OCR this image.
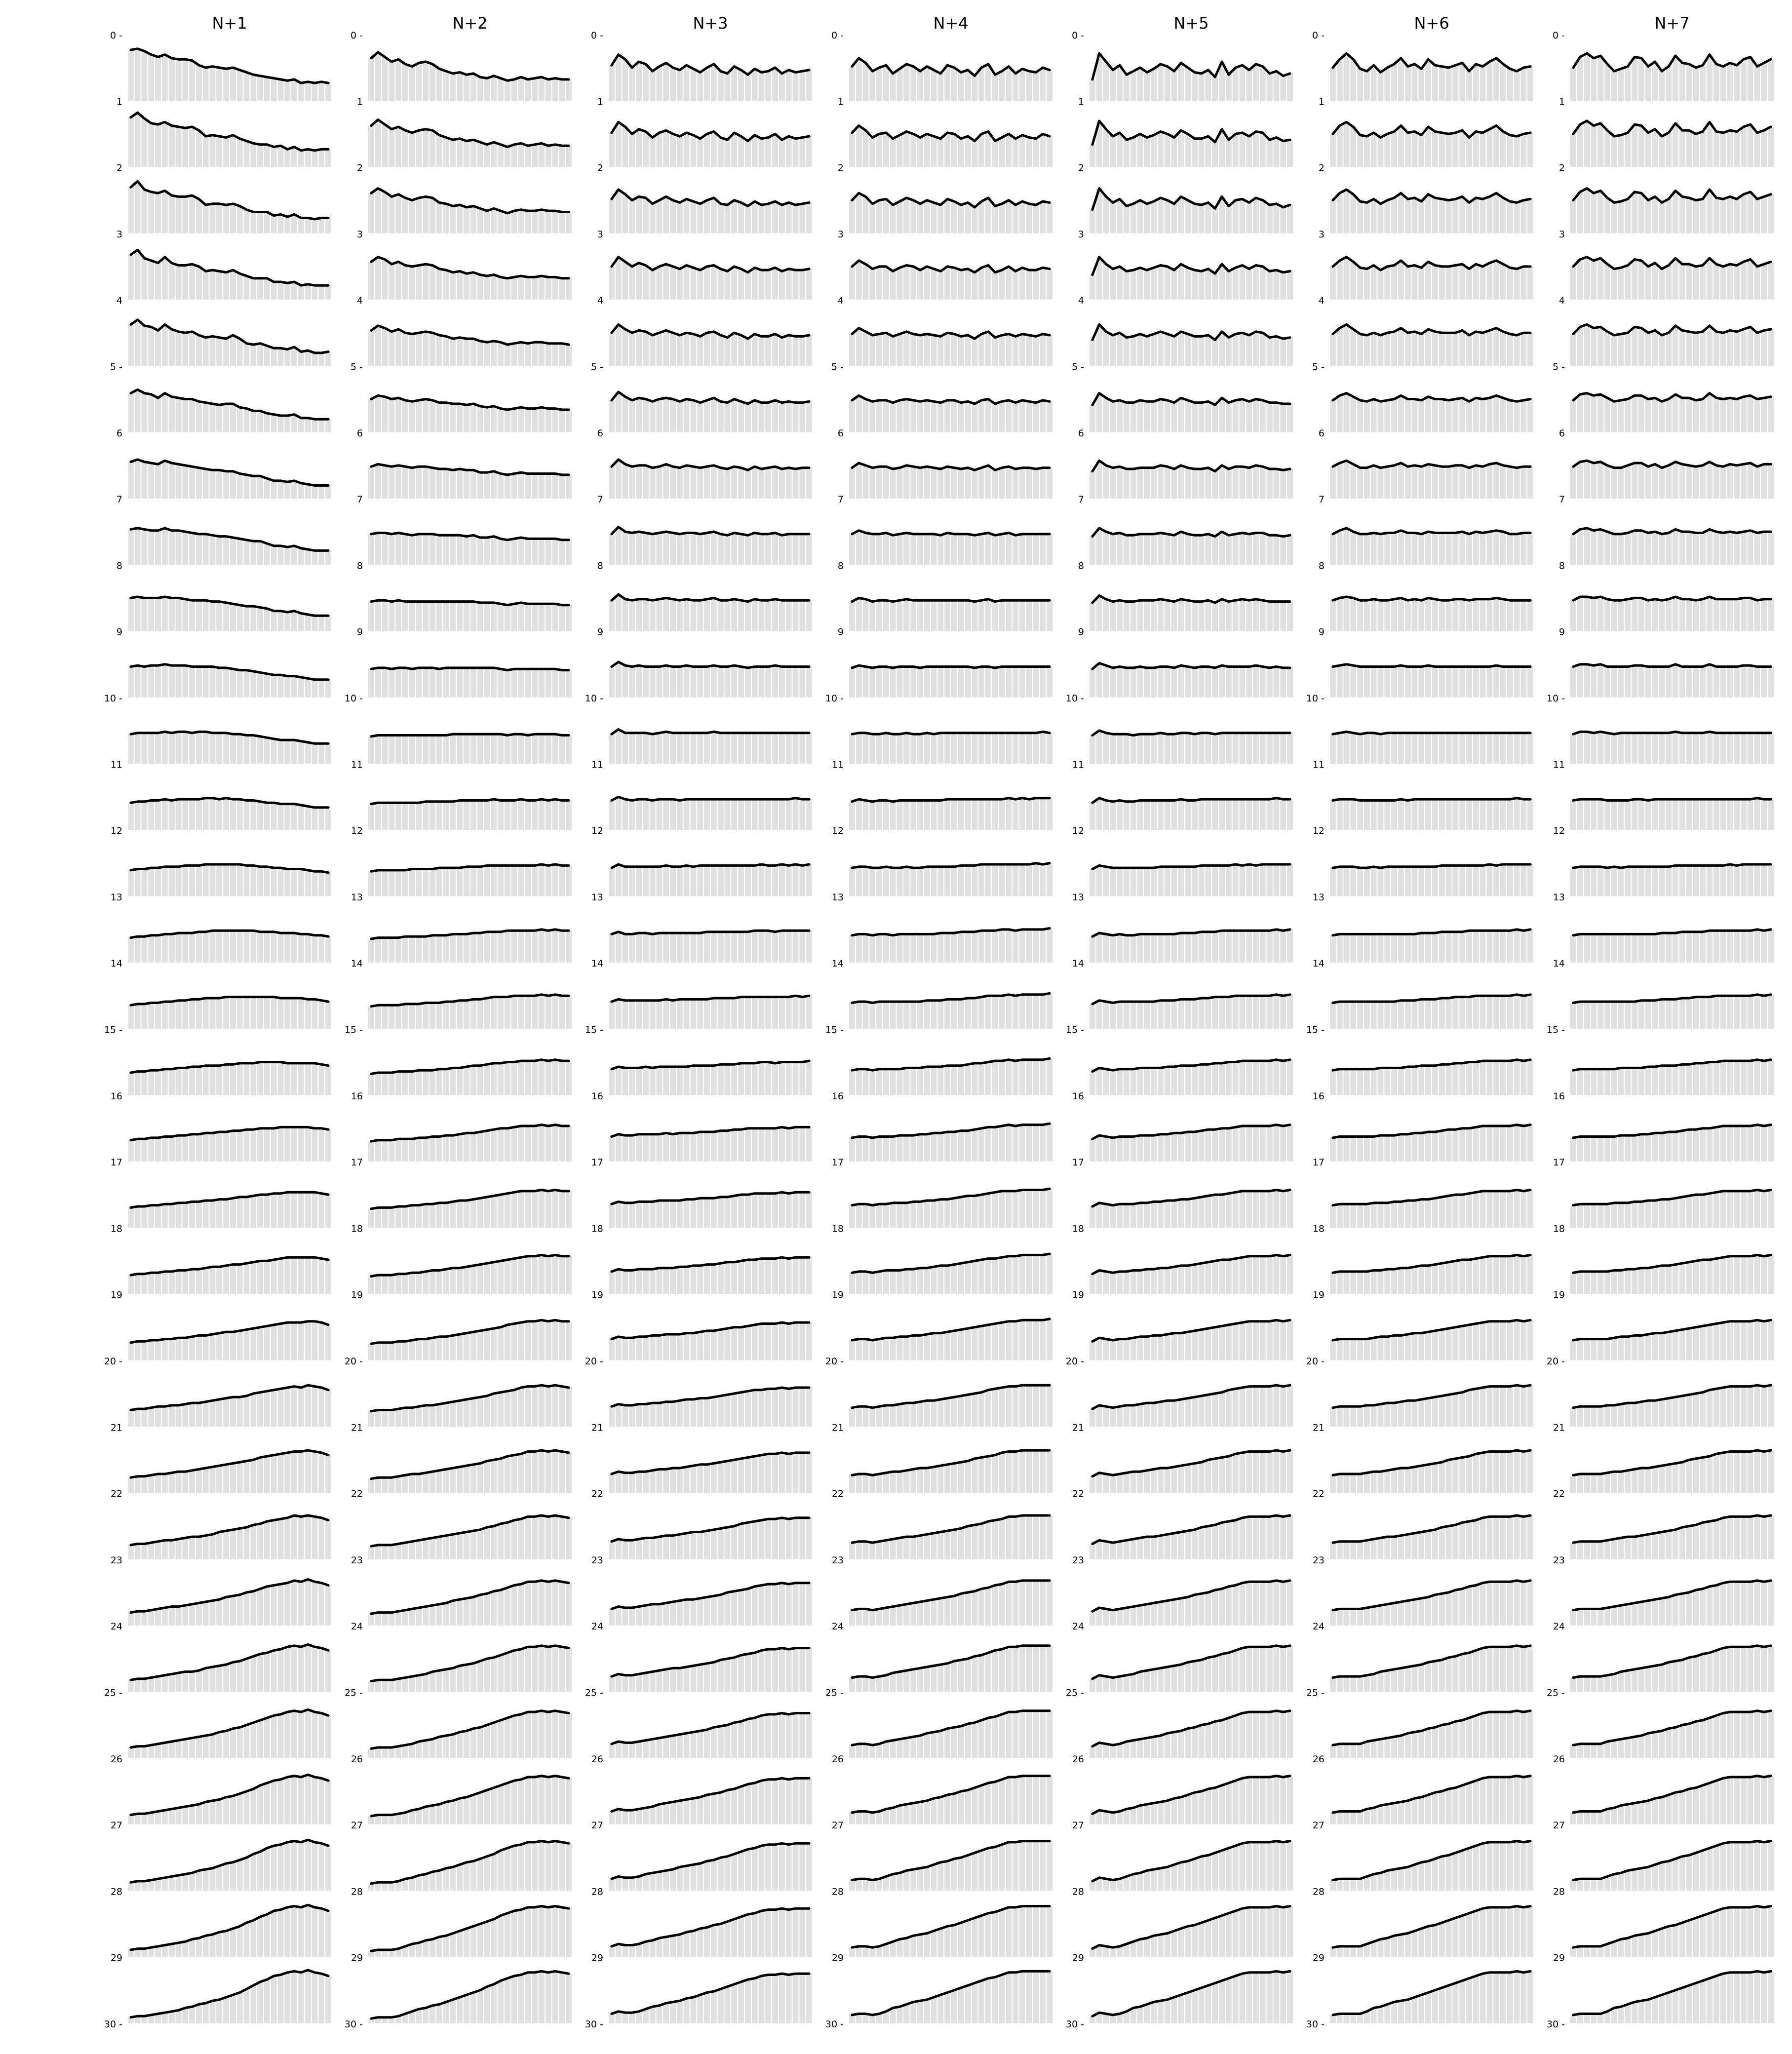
N+1	N+2	N+3	N+4	N+5	N+6	N+7
0 -
1
2
3
4
5 -
6
7
8
9
10 -
11
12
13
14
15 -
16
17
18
19
20 -
21
22
23
24
25 -
26
27
28
29
30 -
0 -
1
2
3
4
5 -
6
7
8
9
10 -
11
12
13
14
15 -
16
17
18
19
20 -
21
22
23
24
25 -
26
27
28
29
30 -
0 -
1
2
3
4
5 -
6
7
8
9
10 -
11
12
13
14
15 -
16
17
18
19
20 -
21
22
23
24
25 -
26
27
28
29
30 -
0 -
1
2
3
4
5 -
6
7
8
9
10 -
11
12
13
14
15 -
16
17
18
19
20 -
21
22
23
24
25 -
26
27
28
29
30 -
0 -
1
2
3
4
5 -
6
7
8
9
10 -
11
12
13
14
15 -
16
17
18
19
20 -
21
22
23
24
25 -
26
27
28
29
30 -
0 -
1
2
3
4
5 -
6
7
8
9
10 -
11
12
13
14
15 -
16
17
18
19
20 -
21
22
23
24
25 -
26
27
28
29
30 -
0 -
1
2
3
4
5 -
6
7
8
9
10 -
11
12
13
14
15 -
16
17
18
19
20 -
21
22
23
24
25 -
26
27
28
29
30 -
